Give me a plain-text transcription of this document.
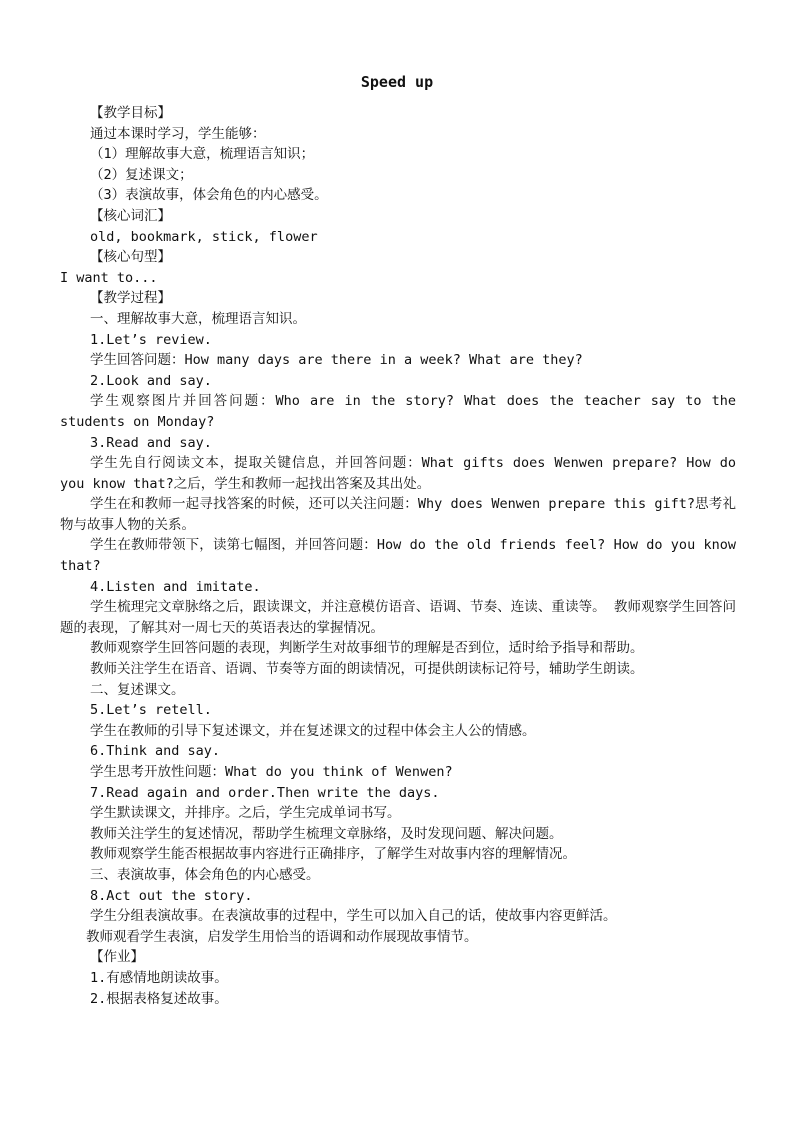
Speed up
【教学目标】
通过本课时学习，学生能够：
（1）理解故事大意，梳理语言知识；
（2）复述课文；
（3）表演故事，体会角色的内心感受。
【核心词汇】
old, bookmark, stick, flower
【核心句型】
I want to...
【教学过程】
一、理解故事大意，梳理语言知识。
1.Let’s review.
学生回答问题：How many days are there in a week? What are they?
2.Look and say.
学生观察图片并回答问题：Who are in the story? What does the teacher say to the students on Monday?
3.Read and say.
学生先自行阅读文本，提取关键信息，并回答问题：What gifts does Wenwen prepare? How do you know that?之后，学生和教师一起找出答案及其出处。
学生在和教师一起寻找答案的时候，还可以关注问题：Why does Wenwen prepare this gift?思考礼物与故事人物的关系。
学生在教师带领下，读第七幅图，并回答问题：How do the old friends feel? How do you know that?
4.Listen and imitate.
学生梳理完文章脉络之后，跟读课文，并注意模仿语音、语调、节奏、连读、重读等。 教师观察学生回答问题的表现，了解其对一周七天的英语表达的掌握情况。
教师观察学生回答问题的表现，判断学生对故事细节的理解是否到位，适时给予指导和帮助。
教师关注学生在语音、语调、节奏等方面的朗读情况，可提供朗读标记符号，辅助学生朗读。
二、复述课文。
5.Let’s retell.
学生在教师的引导下复述课文，并在复述课文的过程中体会主人公的情感。
6.Think and say.
学生思考开放性问题：What do you think of Wenwen?
7.Read again and order.Then write the days.
学生默读课文，并排序。之后，学生完成单词书写。
教师关注学生的复述情况，帮助学生梳理文章脉络，及时发现问题、解决问题。
教师观察学生能否根据故事内容进行正确排序，了解学生对故事内容的理解情况。
三、表演故事，体会角色的内心感受。
8.Act out the story.
学生分组表演故事。在表演故事的过程中，学生可以加入自己的话，使故事内容更鲜活。
教师观看学生表演，启发学生用恰当的语调和动作展现故事情节。
【作业】
1.有感情地朗读故事。
2.根据表格复述故事。
